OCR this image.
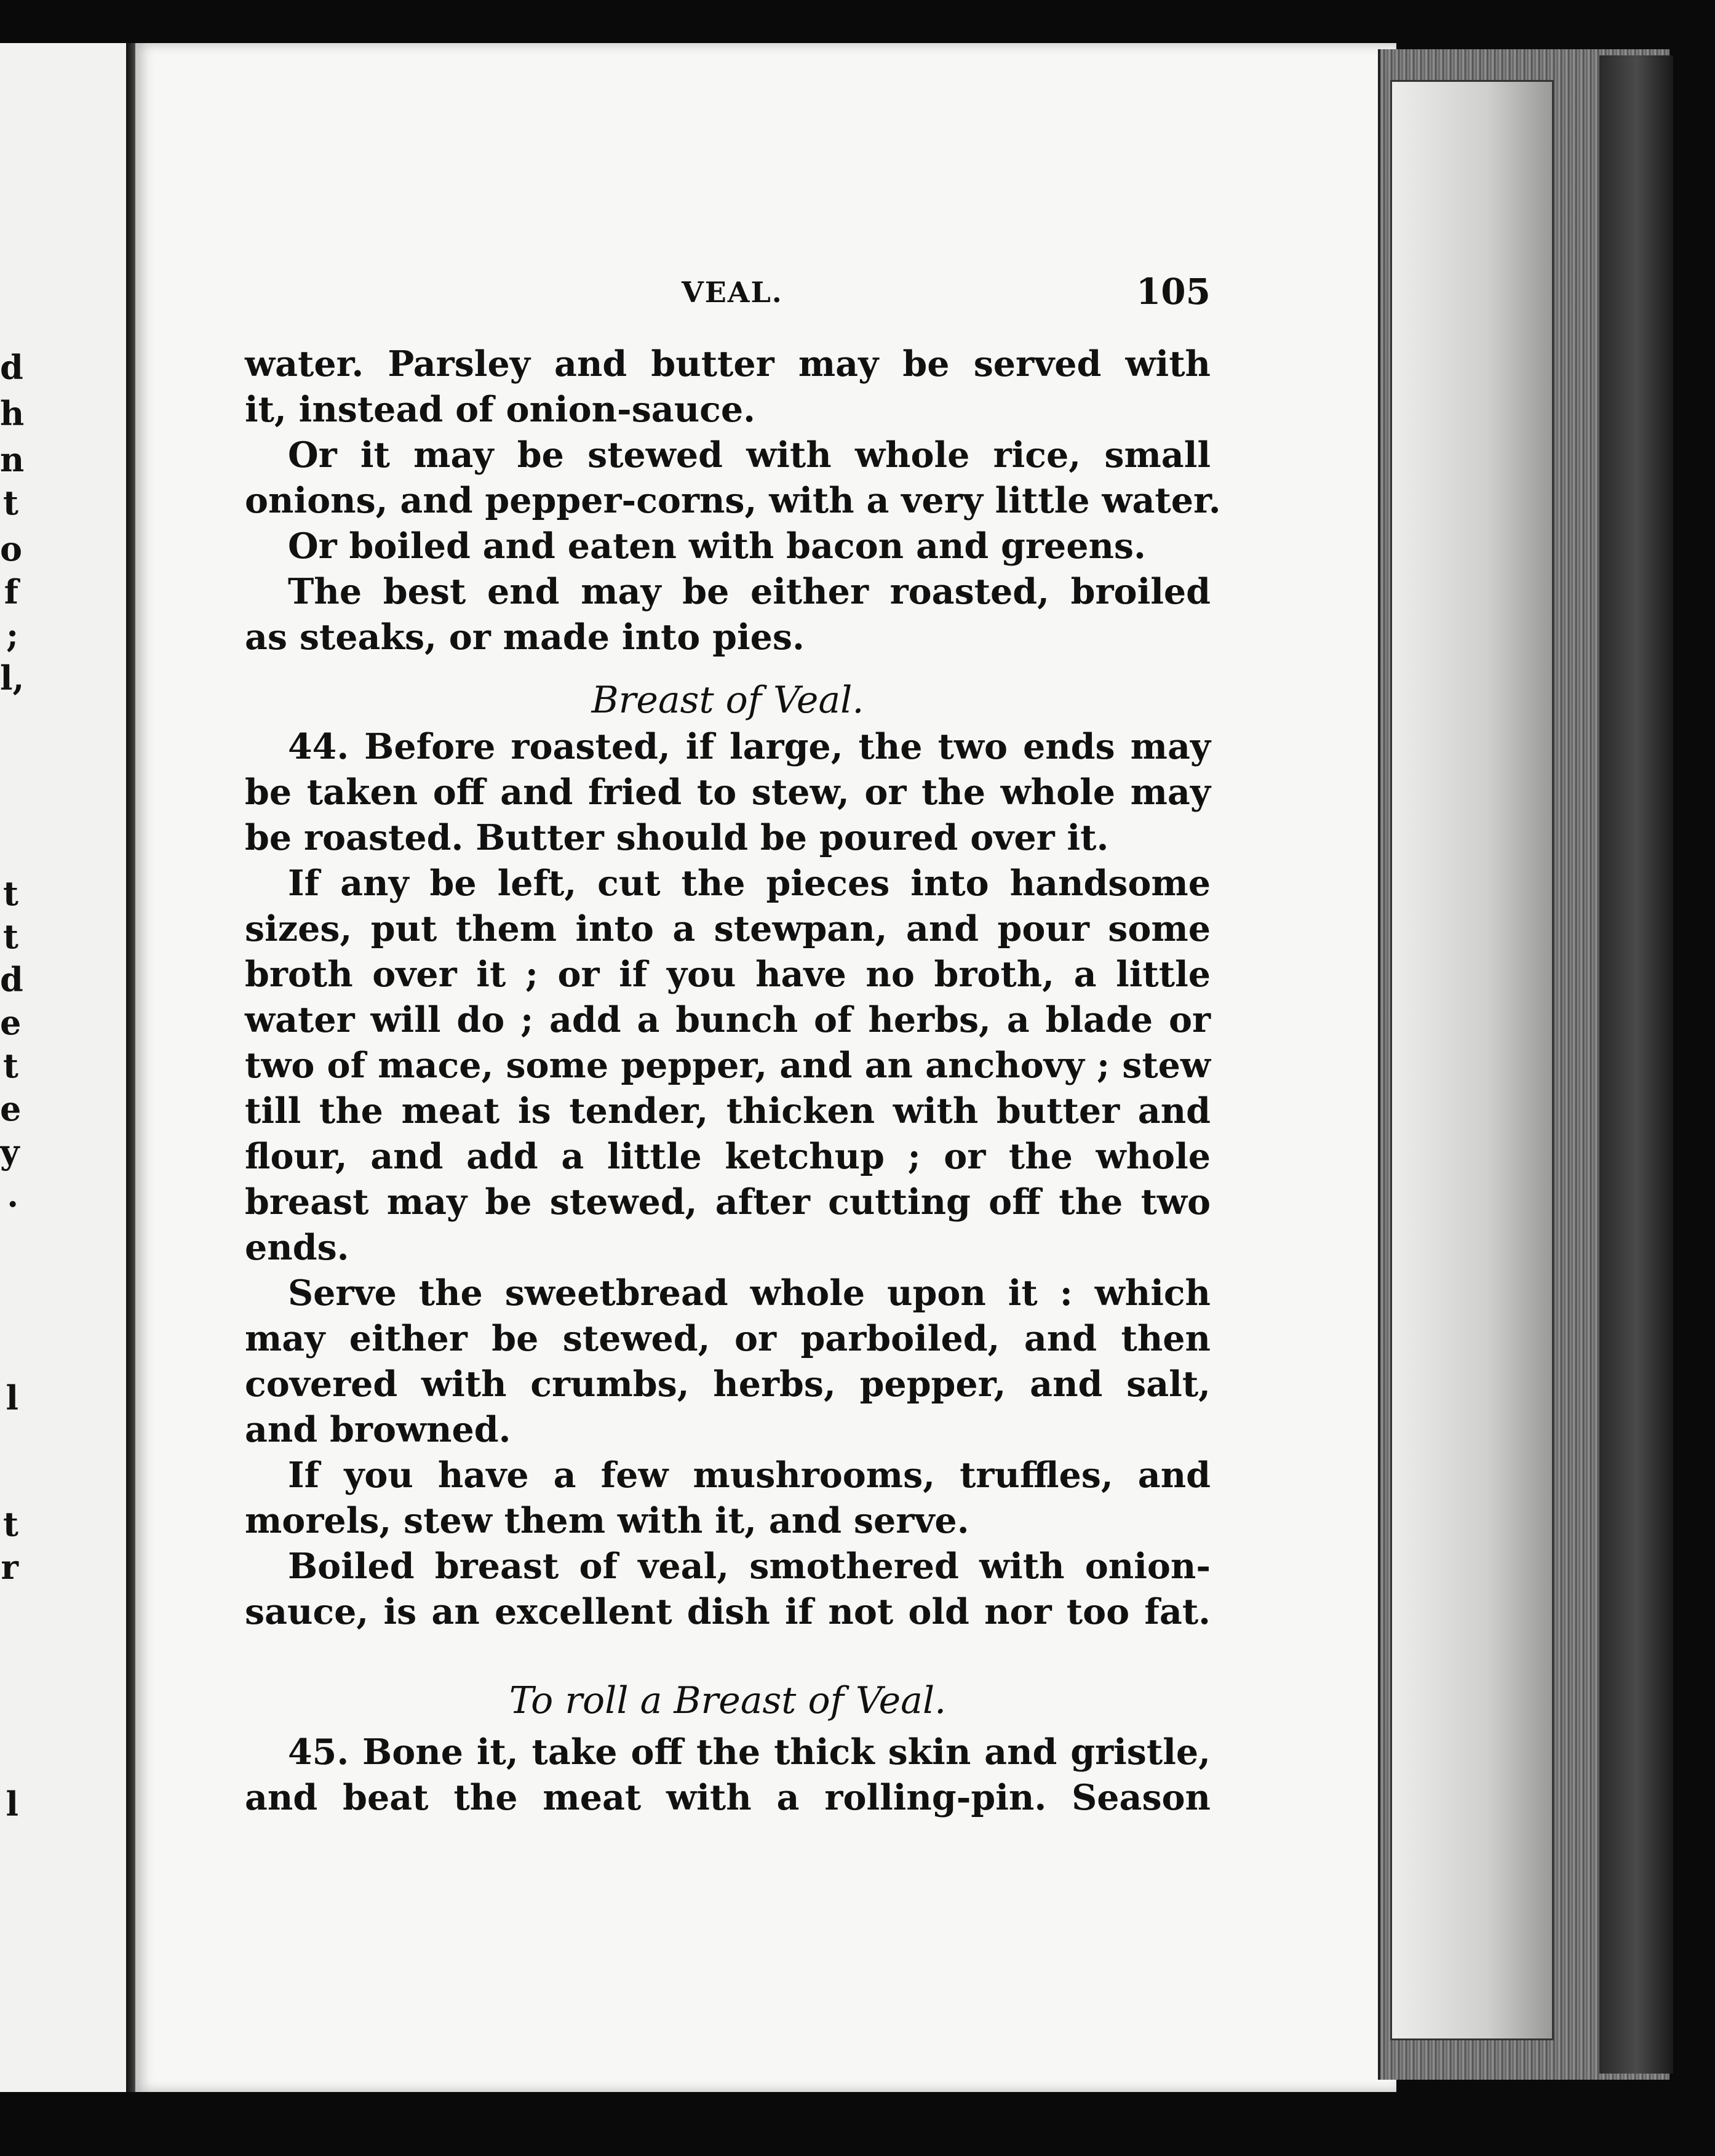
d
h
n
t
o
f
;
l,
t
t
d
e
t
e
y
.
l
t
r
l
VEAL.	105
water. Parsley and butter may be served with
it, instead of onion-sauce.
Or it may be stewed with whole rice, small
onions, and pepper-corns, with a very little water.
Or boiled and eaten with bacon and greens.
The best end may be either roasted, broiled
as steaks, or made into pies.
Breast of Veal.
44. Before roasted, if large, the two ends may
be taken off and fried to stew, or the whole may
be roasted. Butter should be poured over it.
If any be left, cut the pieces into handsome
sizes, put them into a stewpan, and pour some
broth over it ; or if you have no broth, a little
water will do ; add a bunch of herbs, a blade or
two of mace, some pepper, and an anchovy ; stew
till the meat is tender, thicken with butter and
flour, and add a little ketchup ; or the whole
breast may be stewed, after cutting off the two
ends.
Serve the sweetbread whole upon it : which
may either be stewed, or parboiled, and then
covered with crumbs, herbs, pepper, and salt,
and browned.
If you have a few mushrooms, truffles, and
morels, stew them with it, and serve.
Boiled breast of veal, smothered with onion-
sauce, is an excellent dish if not old nor too fat.
To roll a Breast of Veal.
45. Bone it, take off the thick skin and gristle,
and beat the meat with a rolling-pin. Season
